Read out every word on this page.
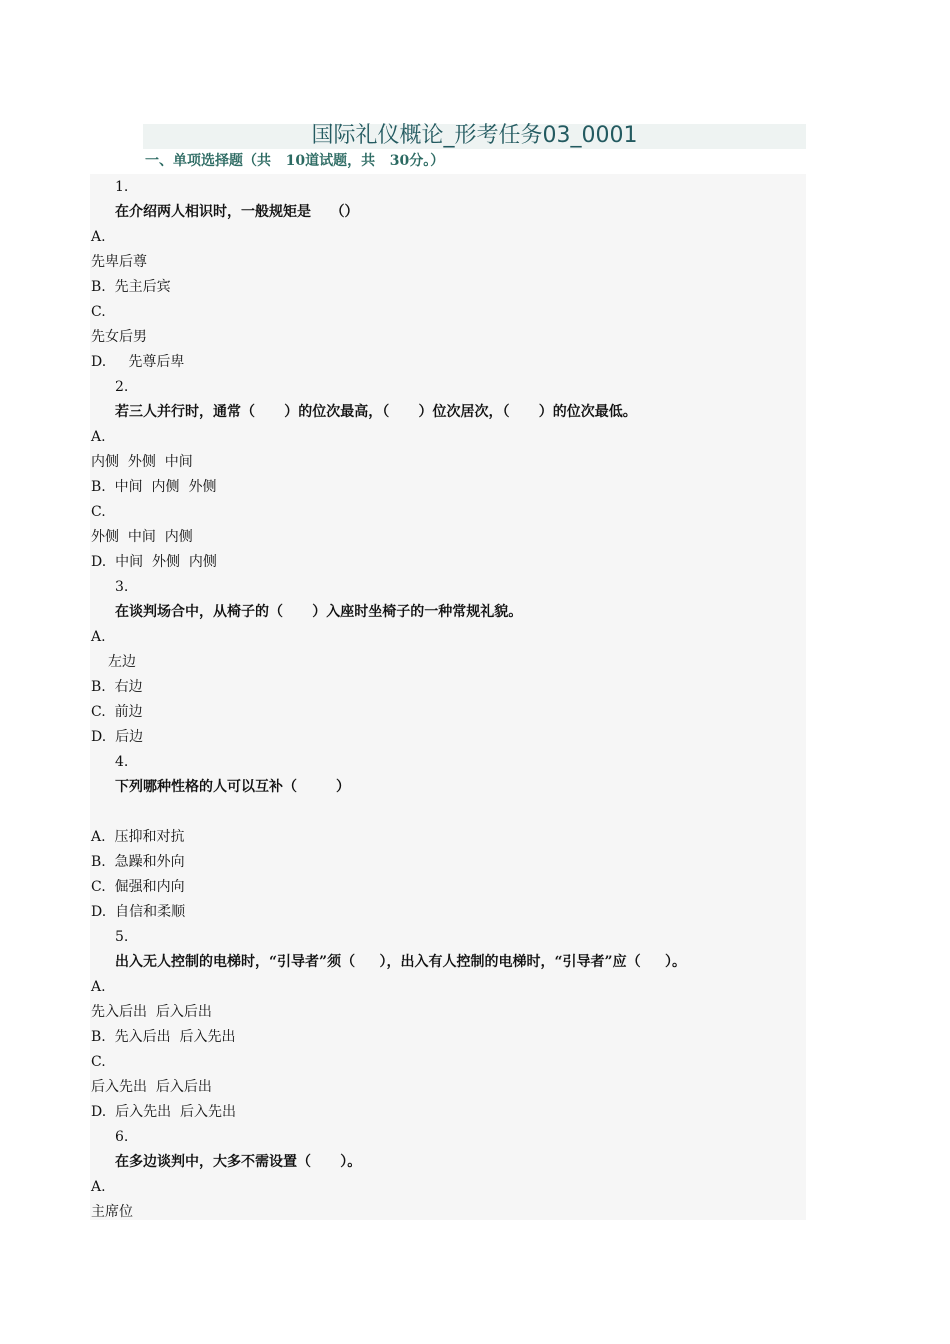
国际礼仪概论_形考任务03_0001
一、单项选择题（共   10道试题，共   30分。）
1.
在介绍两人相识时，一般规矩是    （）
A.
先卑后尊
B.  先主后宾
C.
先女后男
D.     先尊后卑
2.
若三人并行时，通常（      ）的位次最高，（      ）位次居次，（      ）的位次最低。
A.
内侧  外侧  中间
B.  中间  内侧  外侧
C.
外侧  中间  内侧
D.  中间  外侧  内侧
3.
在谈判场合中，从椅子的（      ）入座时坐椅子的一种常规礼貌。
A.
左边
B.  右边
C.  前边
D.  后边
4.
下列哪种性格的人可以互补（        ）
A.  压抑和对抗
B.  急躁和外向
C.  倔强和内向
D.  自信和柔顺
5.
出入无人控制的电梯时，“引导者”须（     ），出入有人控制的电梯时，“引导者”应（     ）。
A.
先入后出  后入后出
B.  先入后出  后入先出
C.
后入先出  后入后出
D.  后入先出  后入先出
6.
在多边谈判中，大多不需设置（      ）。
A.
主席位
